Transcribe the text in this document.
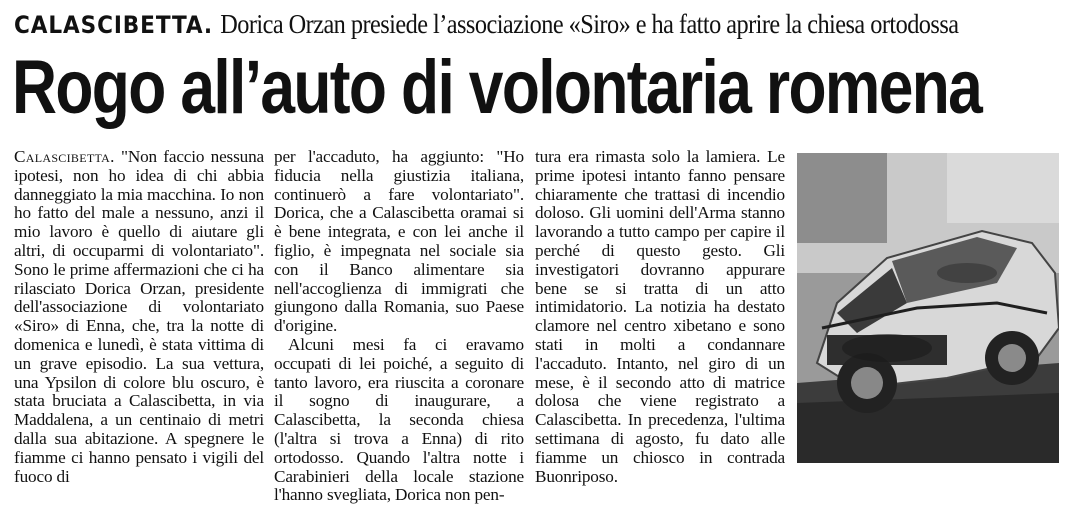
CALASCIBETTA. Dorica Orzan presiede l’associazione «Siro» e ha fatto aprire la chiesa ortodossa
Rogo all’auto di volontaria romena

Calascibetta. "Non faccio nessuna ipotesi, non ho idea di chi abbia danneggiato la mia macchina. Io non ho fatto del male a nessuno, anzi il mio lavoro è quello di aiutare gli altri, di occuparmi di volontariato". Sono le prime affermazioni che ci ha rilasciato Dorica Orzan, presidente dell'associazione di volontariato «Siro» di Enna, che, tra la notte di domenica e lunedì, è stata vittima di un grave episodio. La sua vettura, una Ypsilon di colore blu oscuro, è stata bruciata a Calascibetta, in via Maddalena, a un centinaio di metri dalla sua abitazione. A spegnere le fiamme ci hanno pensato i vigili del fuoco di

per l'accaduto, ha aggiunto: "Ho fiducia nella giustizia italiana, continuerò a fare volontariato". Dorica, che a Calascibetta oramai si è bene integrata, e con lei anche il figlio, è impegnata nel sociale sia con il Banco alimentare sia nell'accoglienza di immigrati che giungono dalla Romania, suo Paese d'origine.

Alcuni mesi fa ci eravamo occupati di lei poiché, a seguito di tanto lavoro, era riuscita a coronare il sogno di inaugurare, a Calascibetta, la seconda chiesa (l'altra si trova a Enna) di rito ortodosso. Quando l'altra notte i Carabinieri della locale stazione l'hanno svegliata, Dorica non pen-

tura era rimasta solo la lamiera. Le prime ipotesi intanto fanno pensare chiaramente che trattasi di incendio doloso. Gli uomini dell'Arma stanno lavorando a tutto campo per capire il perché di questo gesto. Gli investigatori dovranno appurare bene se si tratta di un atto intimidatorio. La notizia ha destato clamore nel centro xibetano e sono stati in molti a condannare l'accaduto. Intanto, nel giro di un mese, è il secondo atto di matrice dolosa che viene registrato a Calascibetta. In precedenza, l'ultima settimana di agosto, fu dato alle fiamme un chiosco in contrada Buonriposo.
